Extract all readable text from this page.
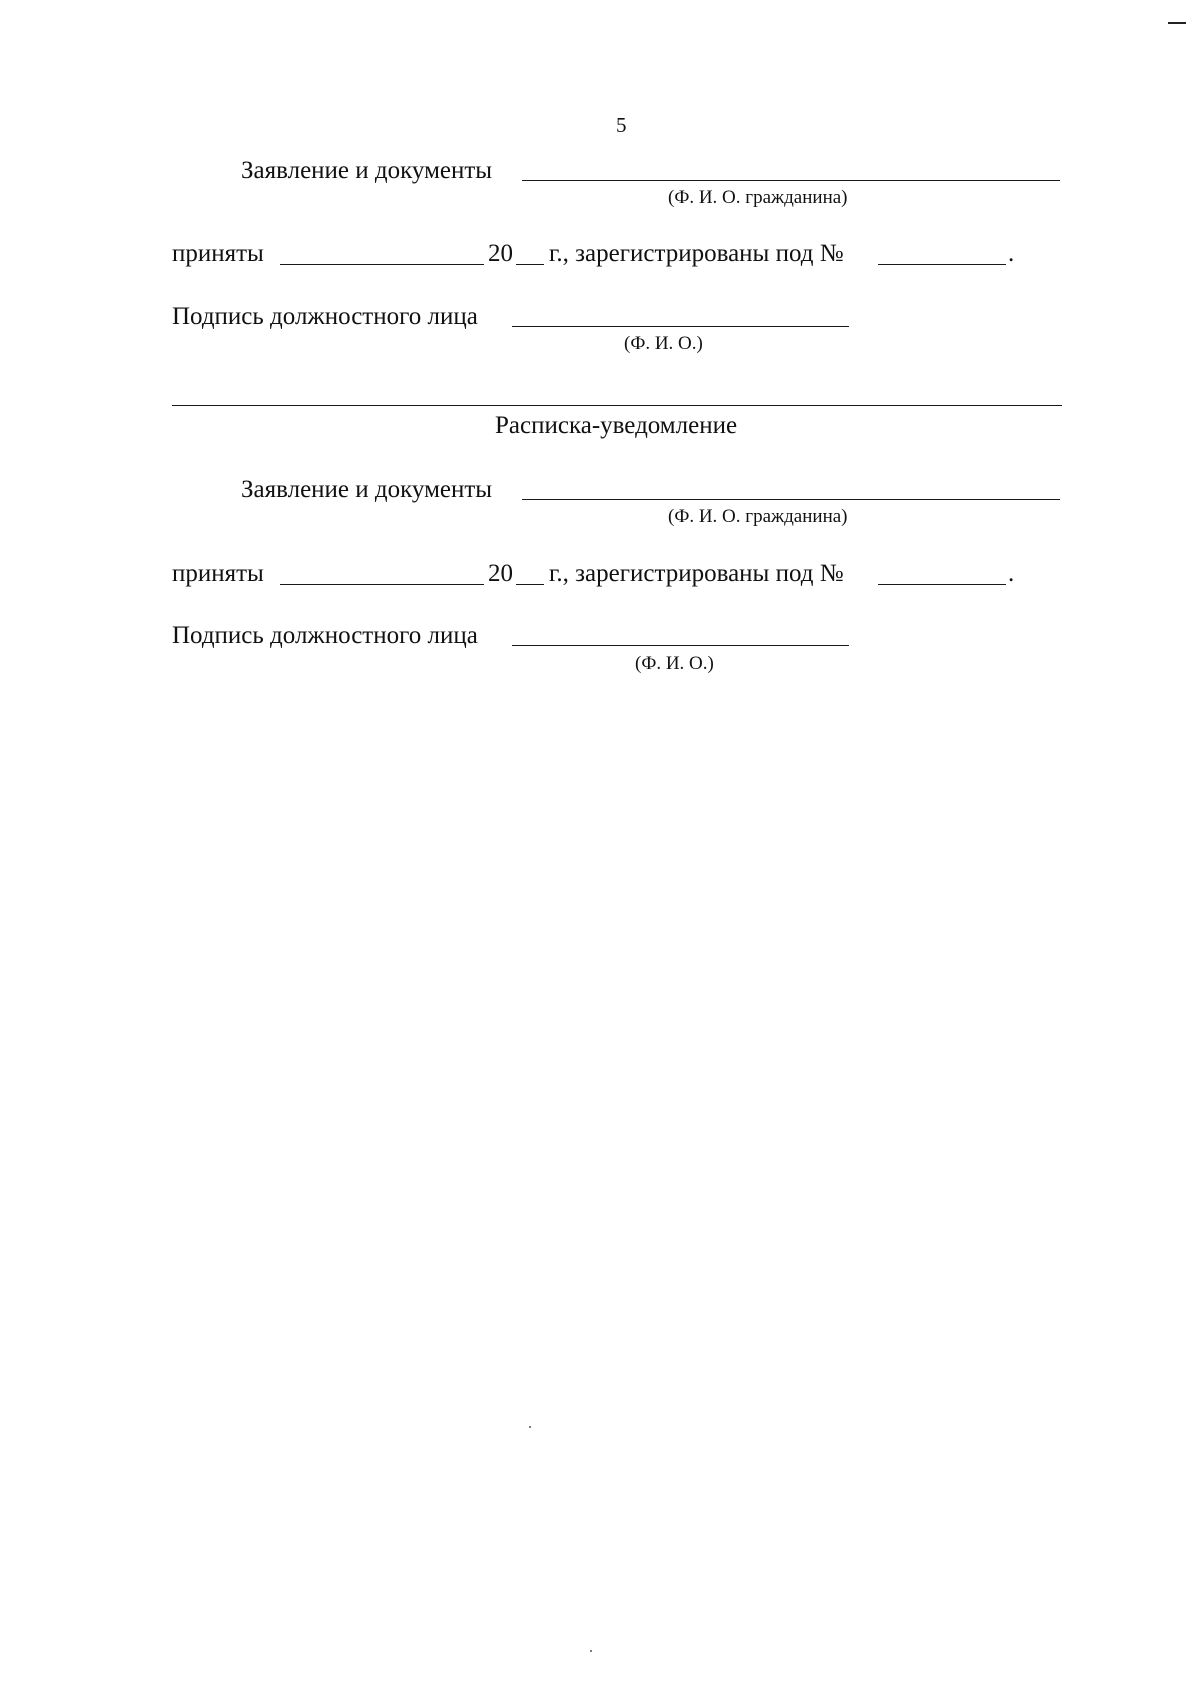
5
Заявление и документы
(Ф. И. О. гражданина)
приняты	20 г., зарегистрированы под №	.
Подпись должностного лица
(Ф. И. О.)
Расписка-уведомление
Заявление и документы
(Ф. И. О. гражданина)
приняты	20 г., зарегистрированы под №	.
Подпись должностного лица
(Ф. И. О.)
